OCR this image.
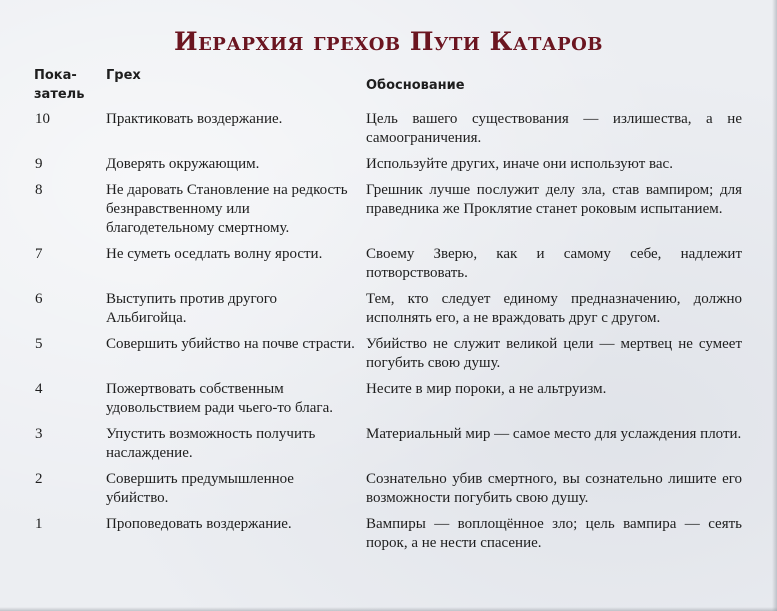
Иерархия грехов Пути Катаров
Пока-
затель	Грех	Обоснование
10	Практиковать воздержание.	Цель вашего существования — излишества, а не самоограничения.
9	Доверять окружающим.	Используйте других, иначе они используют вас.
8	Не даровать Становление на редкость безнравственному или благодетельному смертному.	Грешник лучше послужит делу зла, став вампиром; для праведника же Проклятие станет роковым испытанием.
7	Не суметь оседлать волну ярости.	Своему Зверю, как и самому себе, надлежит потворствовать.
6	Выступить против другого Альбигойца.	Тем, кто следует единому предназначению, должно исполнять его, а не враждовать друг с другом.
5	Совершить убийство на почве страсти.	Убийство не служит великой цели — мертвец не сумеет погубить свою душу.
4	Пожертвовать собственным удовольствием ради чьего-то блага.	Несите в мир пороки, а не альтруизм.
3	Упустить возможность получить наслаждение.	Материальный мир — самое место для услаждения плоти.
2	Совершить предумышленное убийство.	Сознательно убив смертного, вы сознательно лишите его возможности погубить свою душу.
1	Проповедовать воздержание.	Вампиры — воплощённое зло; цель вампира — сеять порок, а не нести спасение.
